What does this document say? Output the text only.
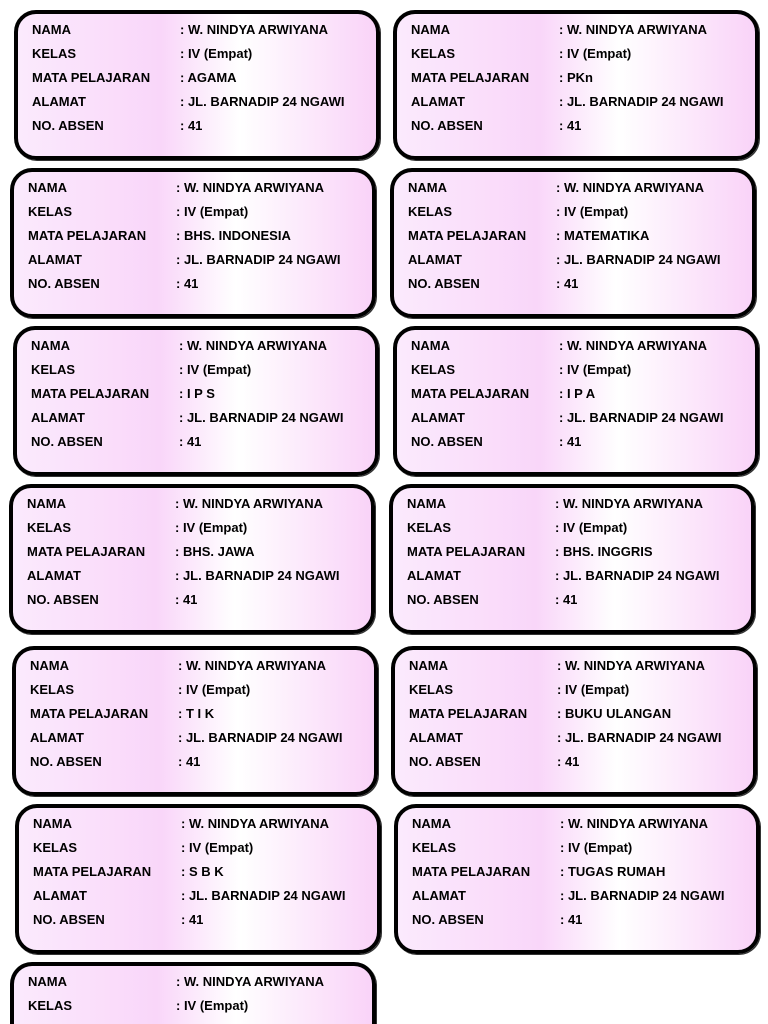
NAMA	: W. NINDYA ARWIYANA
KELAS	: IV (Empat)
MATA PELAJARAN : AGAMA
ALAMAT	: JL. BARNADIP 24 NGAWI
NO. ABSEN	: 41
NAMA	: W. NINDYA ARWIYANA
KELAS	: IV (Empat)
MATA PELAJARAN : PKn
ALAMAT	: JL. BARNADIP 24 NGAWI
NO. ABSEN	: 41
NAMA	: W. NINDYA ARWIYANA
KELAS	: IV (Empat)
MATA PELAJARAN : BHS. INDONESIA
ALAMAT	: JL. BARNADIP 24 NGAWI
NO. ABSEN	: 41
NAMA	: W. NINDYA ARWIYANA
KELAS	: IV (Empat)
MATA PELAJARAN : MATEMATIKA
ALAMAT	: JL. BARNADIP 24 NGAWI
NO. ABSEN	: 41
NAMA	: W. NINDYA ARWIYANA
KELAS	: IV (Empat)
MATA PELAJARAN : I P S
ALAMAT	: JL. BARNADIP 24 NGAWI
NO. ABSEN	: 41
NAMA	: W. NINDYA ARWIYANA
KELAS	: IV (Empat)
MATA PELAJARAN : I P A
ALAMAT	: JL. BARNADIP 24 NGAWI
NO. ABSEN	: 41
NAMA	: W. NINDYA ARWIYANA
KELAS	: IV (Empat)
MATA PELAJARAN : BHS. JAWA
ALAMAT	: JL. BARNADIP 24 NGAWI
NO. ABSEN	: 41
NAMA	: W. NINDYA ARWIYANA
KELAS	: IV (Empat)
MATA PELAJARAN : BHS. INGGRIS
ALAMAT	: JL. BARNADIP 24 NGAWI
NO. ABSEN	: 41
NAMA	: W. NINDYA ARWIYANA
KELAS	: IV (Empat)
MATA PELAJARAN : T I K
ALAMAT	: JL. BARNADIP 24 NGAWI
NO. ABSEN	: 41
NAMA	: W. NINDYA ARWIYANA
KELAS	: IV (Empat)
MATA PELAJARAN : BUKU ULANGAN
ALAMAT	: JL. BARNADIP 24 NGAWI
NO. ABSEN	: 41
NAMA	: W. NINDYA ARWIYANA
KELAS	: IV (Empat)
MATA PELAJARAN : S B K
ALAMAT	: JL. BARNADIP 24 NGAWI
NO. ABSEN	: 41
NAMA	: W. NINDYA ARWIYANA
KELAS	: IV (Empat)
MATA PELAJARAN : TUGAS RUMAH
ALAMAT	: JL. BARNADIP 24 NGAWI
NO. ABSEN	: 41
NAMA	: W. NINDYA ARWIYANA
KELAS	: IV (Empat)
